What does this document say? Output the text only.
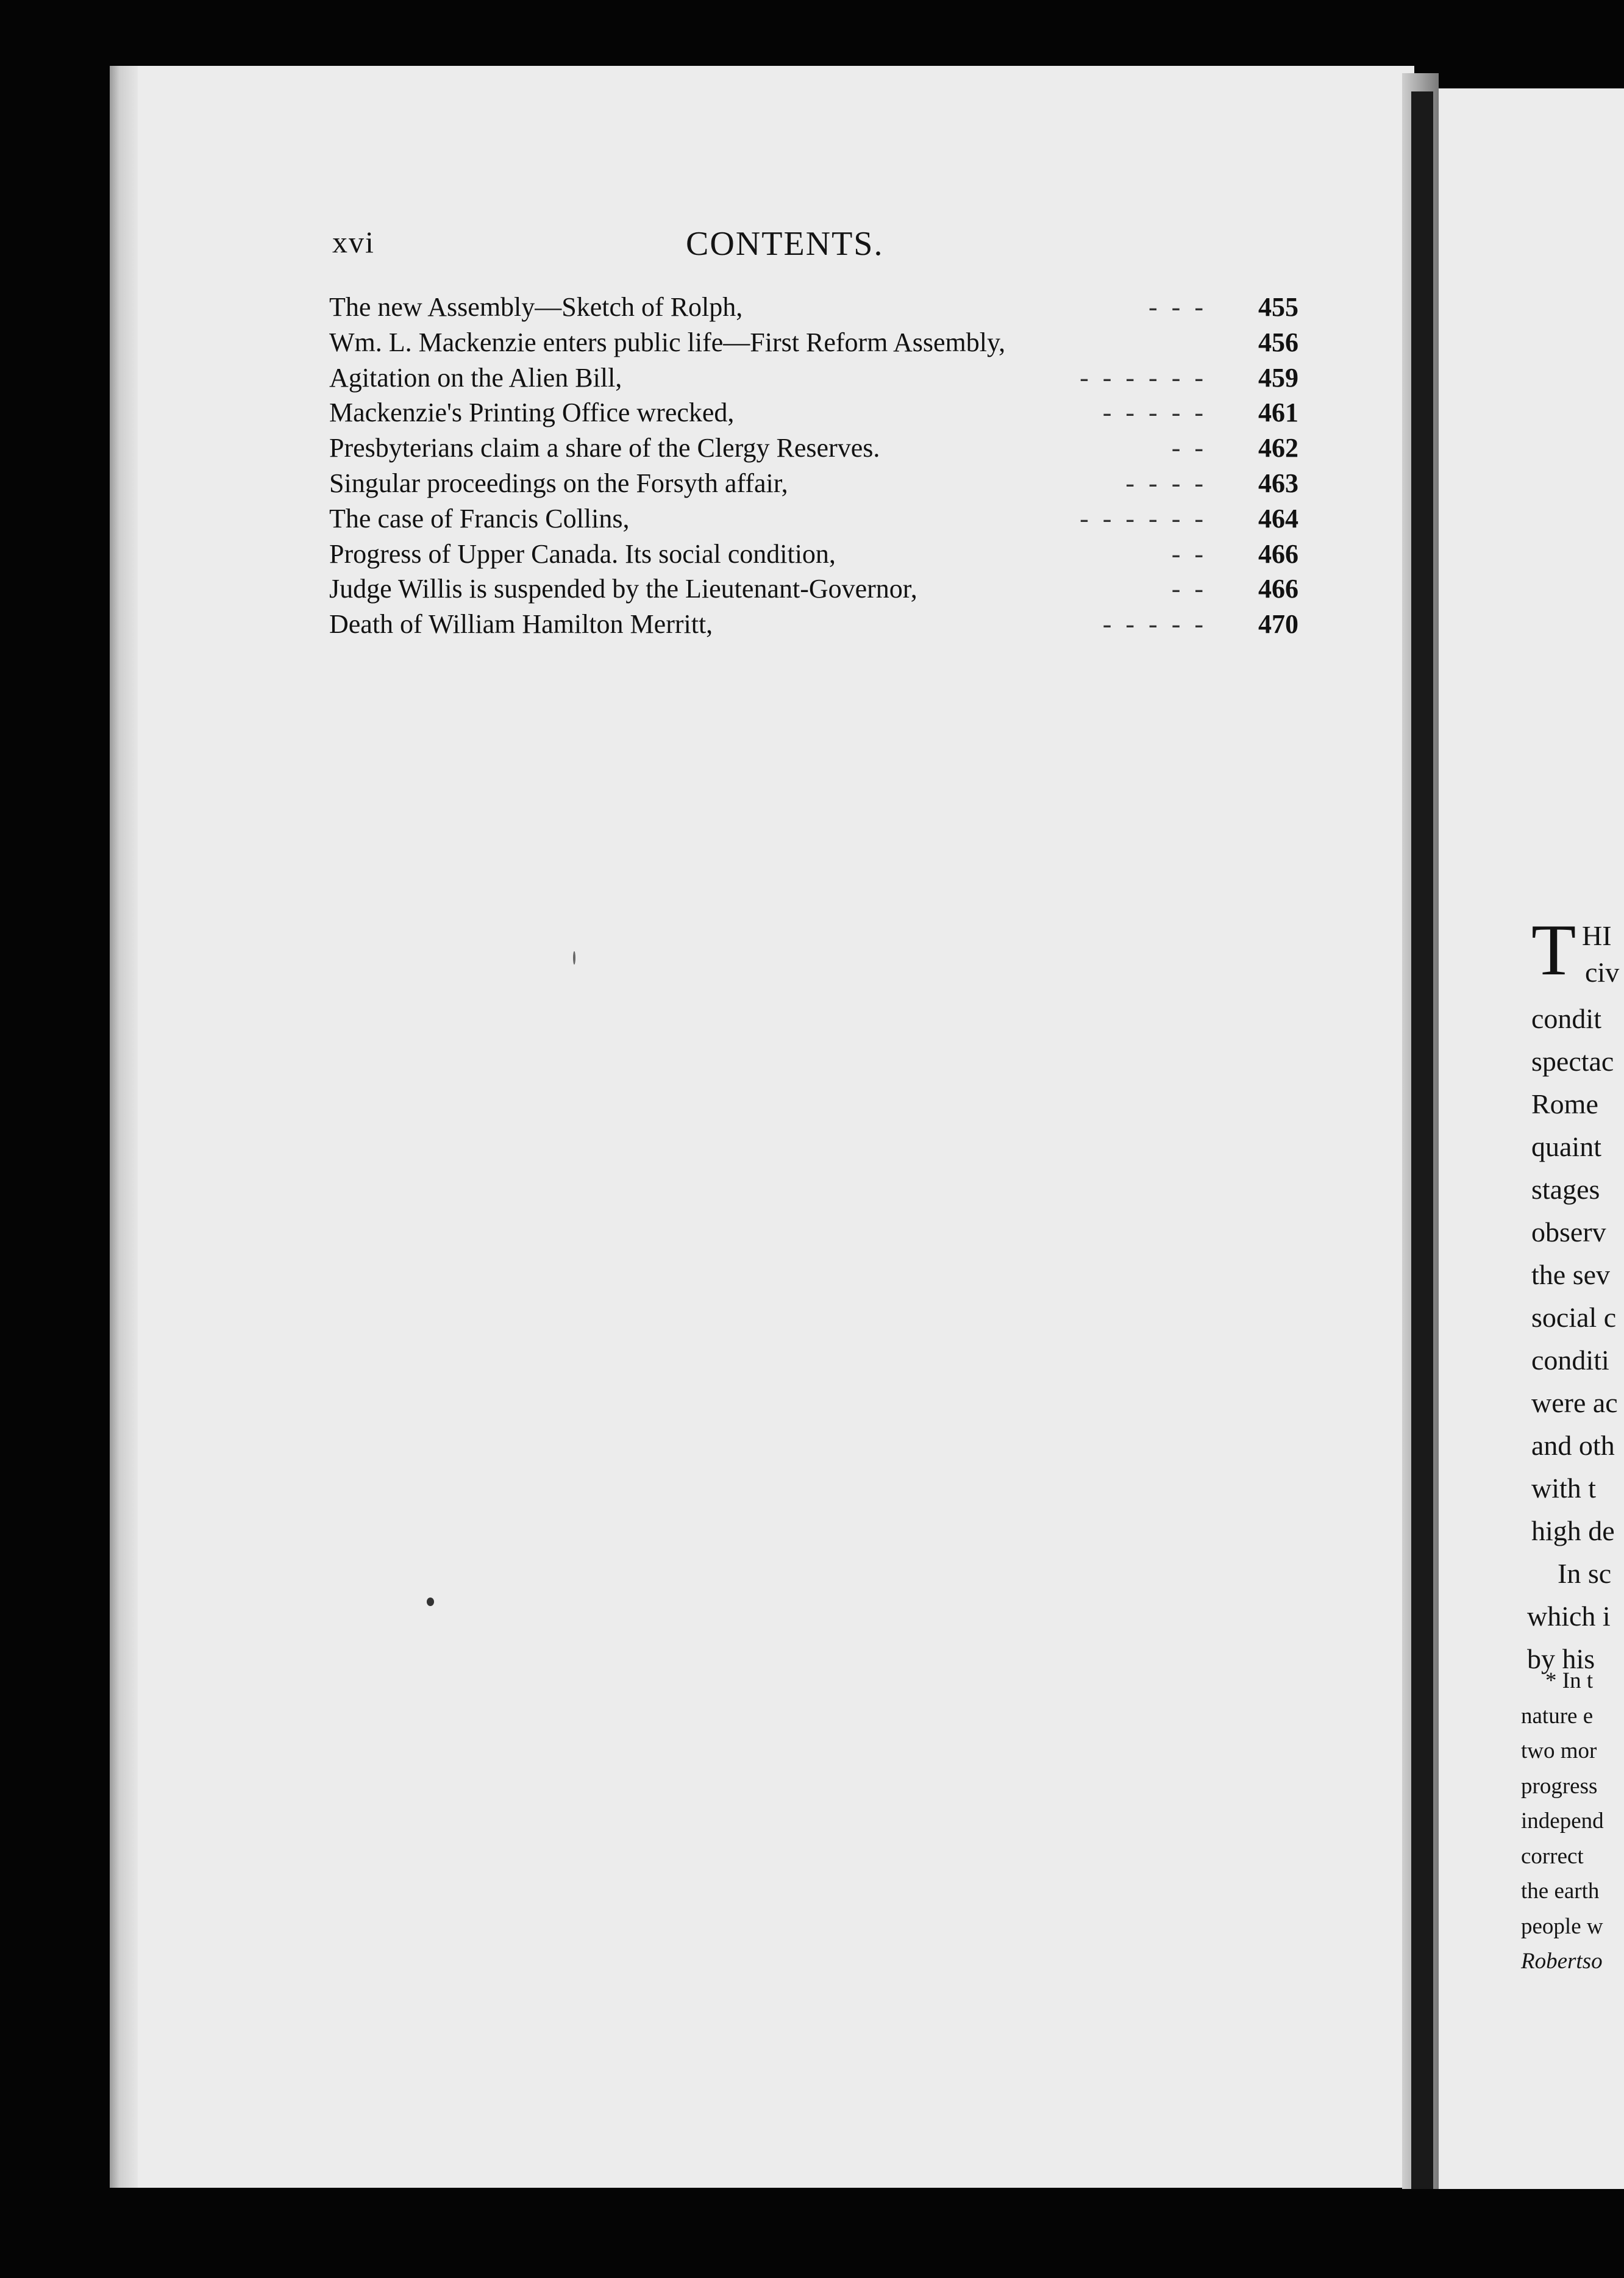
xvi	CONTENTS.
The new Assembly—Sketch of Rolph,	- - -	455
Wm. L. Mackenzie enters public life—First Reform Assembly,	456
Agitation on the Alien Bill,	- - - - - -	459
Mackenzie's Printing Office wrecked,	- - - - -	461
Presbyterians claim a share of the Clergy Reserves.	- -	462
Singular proceedings on the Forsyth affair,	- - - -	463
The case of Francis Collins,	- - - - - -	464
Progress of Upper Canada. Its social condition,	- -	466
Judge Willis is suspended by the Lieutenant-Governor,	- -	466
Death of William Hamilton Merritt,	- - - - -	470
T HI
civ
condit
spectac
Rome
quaint
stages
observ
the sev
social c
conditi
were ac
and oth
with t
high de
In sc
which i
by his
* In t
nature e
two mor
progress
independ
correct
the earth
people w
Robertso
